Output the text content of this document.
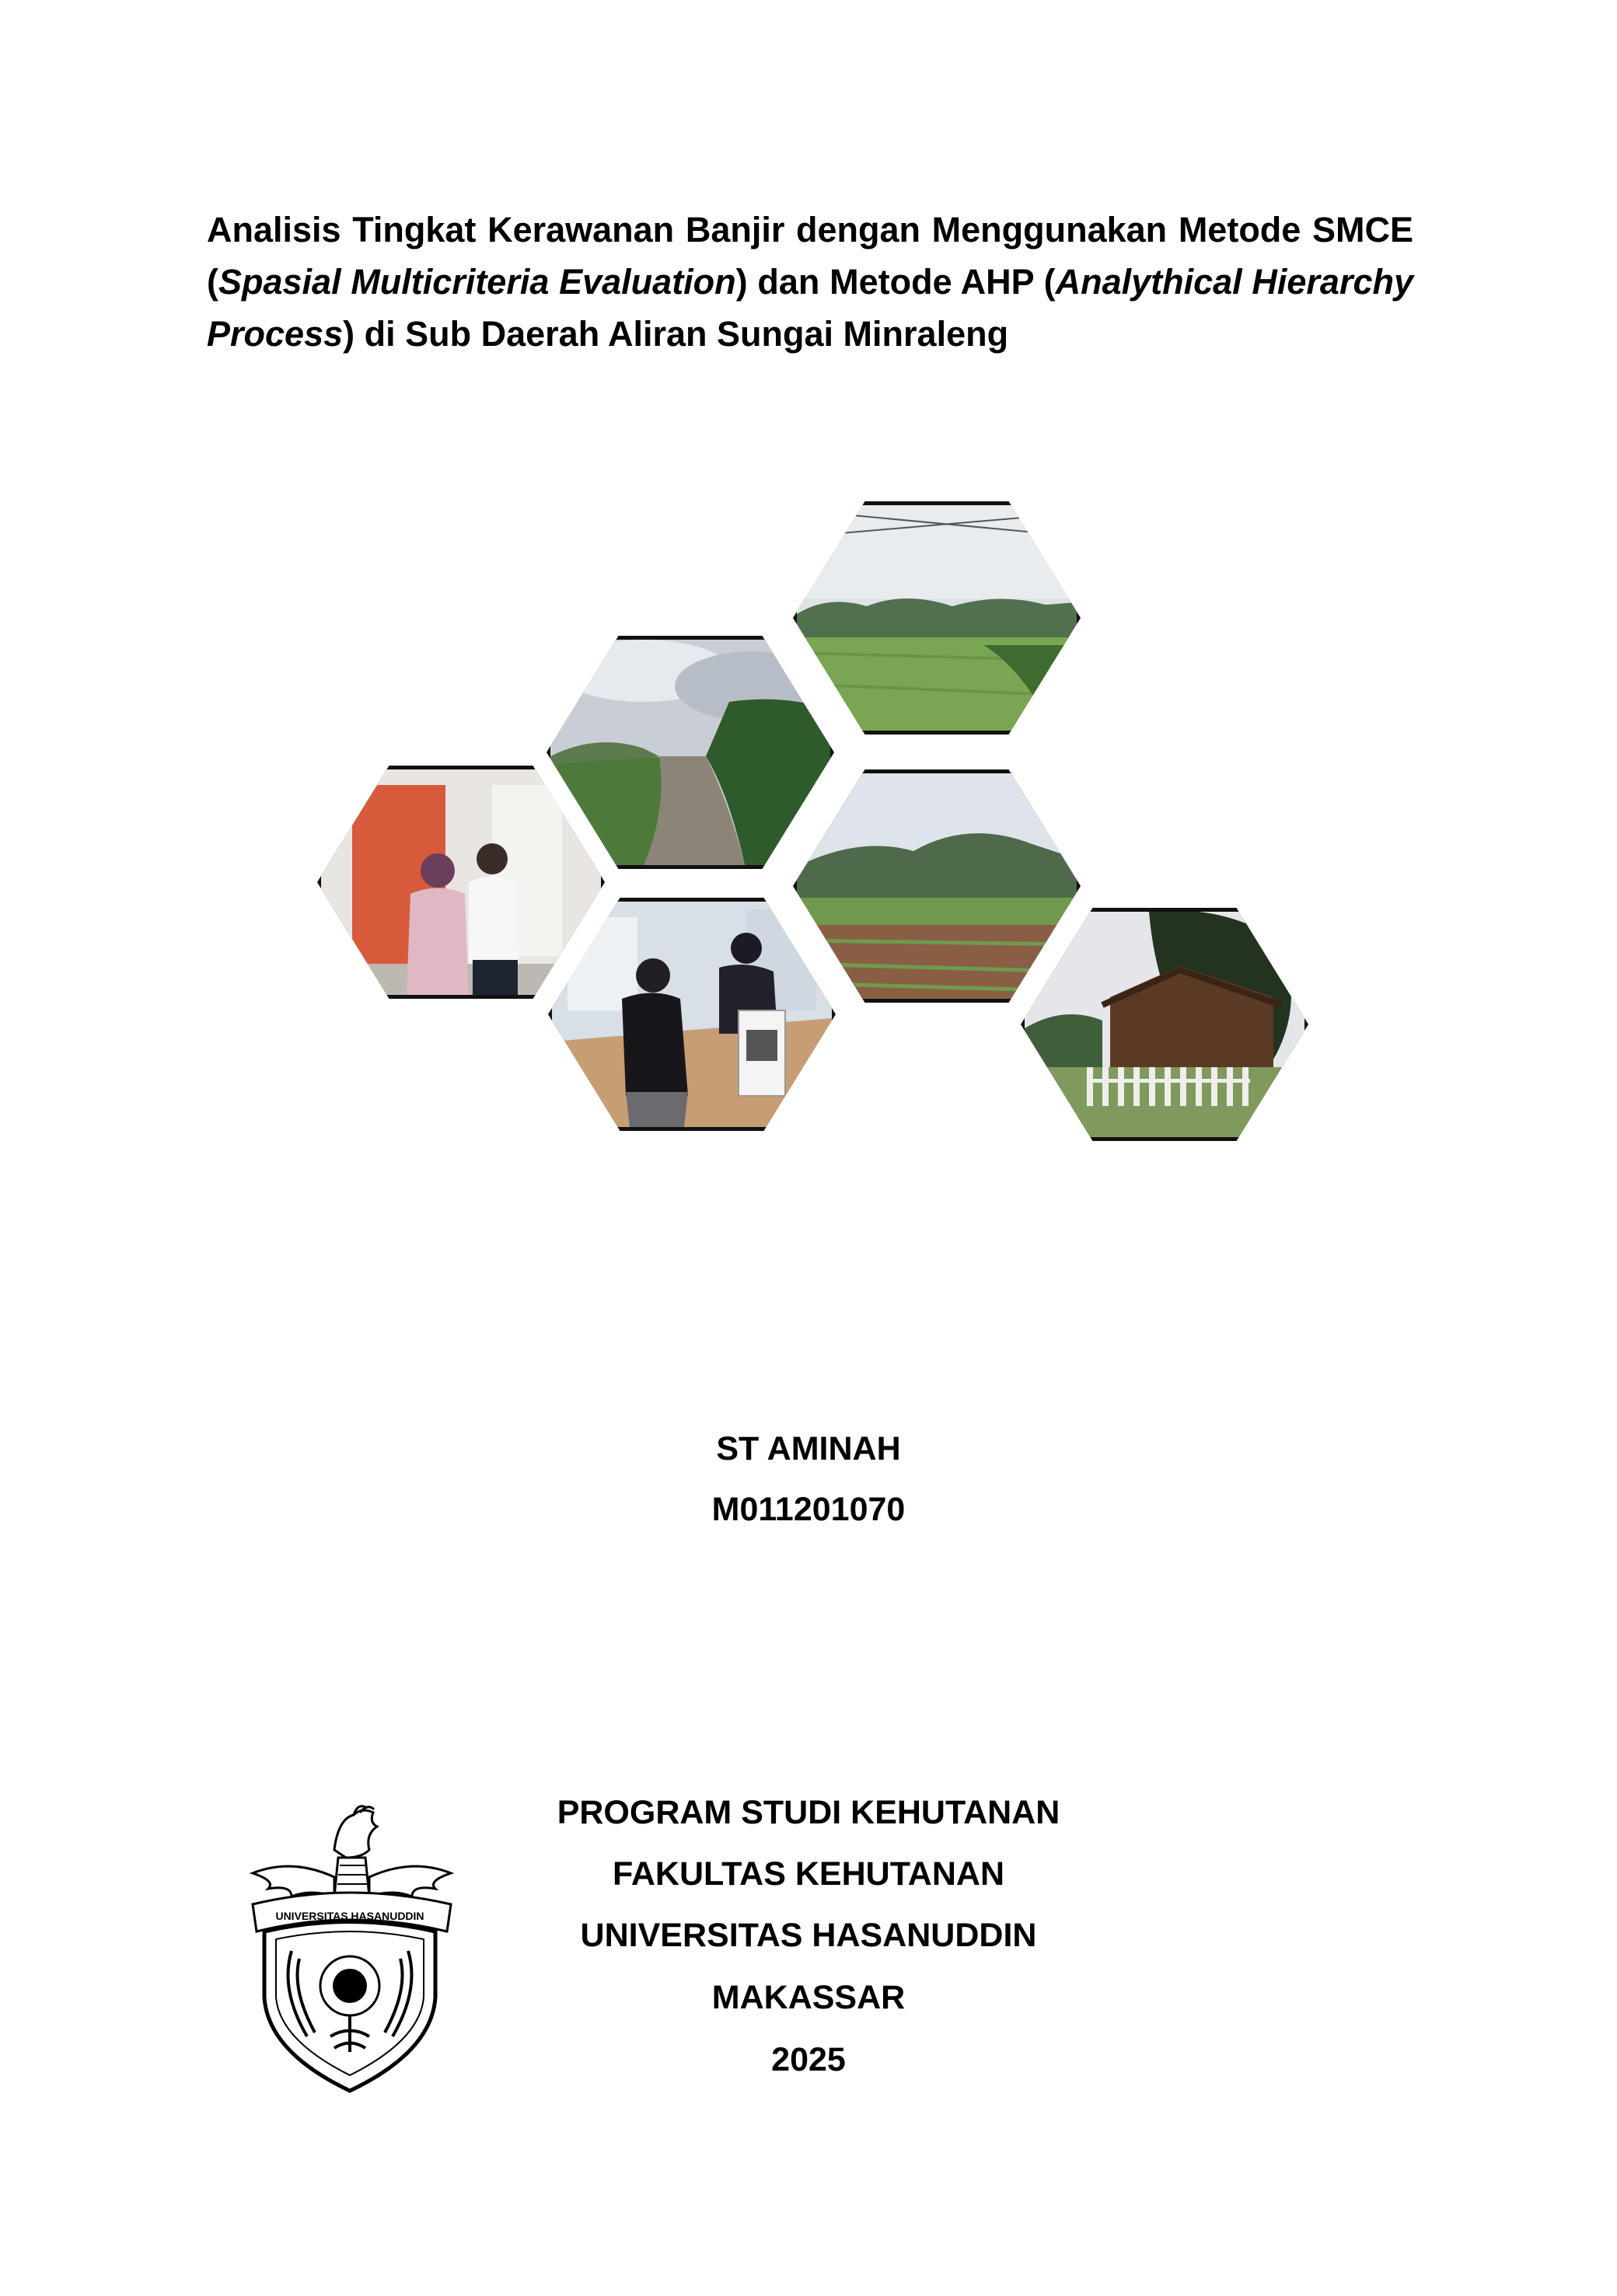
Analisis Tingkat Kerawanan Banjir dengan Menggunakan Metode SMCE (Spasial Multicriteria Evaluation) dan Metode AHP (Analythical Hierarchy Process) di Sub Daerah Aliran Sungai Minraleng
ST AMINAH
M011201070
UNIVERSITAS HASANUDDIN
PROGRAM STUDI KEHUTANAN
FAKULTAS KEHUTANAN
UNIVERSITAS HASANUDDIN
MAKASSAR
2025
